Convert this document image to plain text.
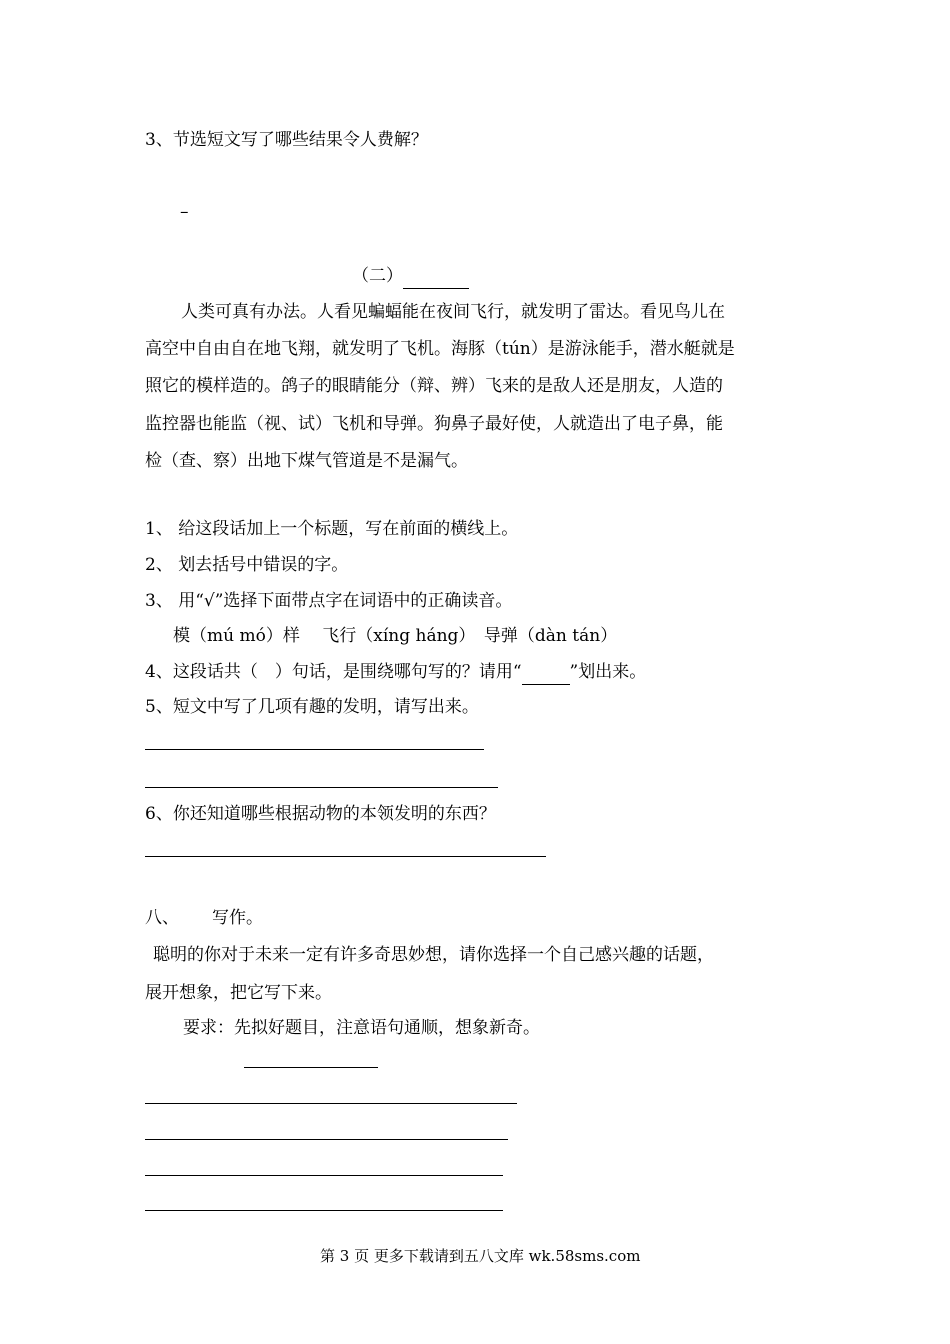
3、节选短文写了哪些结果令人费解？
–
（二）
人类可真有办法。人看见蝙蝠能在夜间飞行，就发明了雷达。看见鸟儿在
高空中自由自在地飞翔，就发明了飞机。海豚（tún）是游泳能手，潜水艇就是
照它的模样造的。鸽子的眼睛能分（辩、辨）飞来的是敌人还是朋友，人造的
监控器也能监（视、试）飞机和导弹。狗鼻子最好使，人就造出了电子鼻，能
检（查、察）出地下煤气管道是不是漏气。
1、 给这段话加上一个标题，写在前面的横线上。
2、 划去括号中错误的字。
3、 用“√”选择下面带点字在词语中的正确读音。
模（mú mó）样　 飞行（xíng háng）　导弹（dàn tán）
4、这段话共（　）句话，是围绕哪句写的？请用“	”划出来。
5、短文中写了几项有趣的发明，请写出来。
6、你还知道哪些根据动物的本领发明的东西？
八、 写作。
聪明的你对于未来一定有许多奇思妙想，请你选择一个自己感兴趣的话题，
展开想象，把它写下来。
要求：先拟好题目，注意语句通顺，想象新奇。
第 3 页 更多下载请到五八文库 wk.58sms.com
